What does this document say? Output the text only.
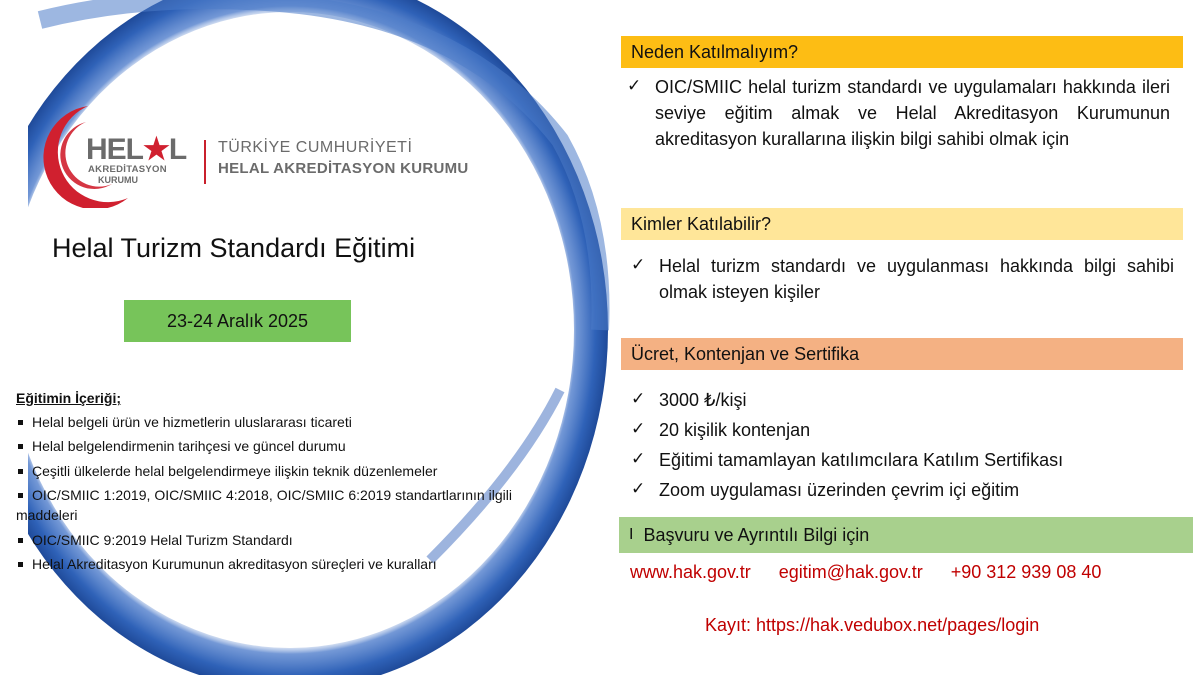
HEL★L
AKREDİTASYON
KURUMU
TÜRKİYE CUMHURİYETİ
HELAL AKREDİTASYON KURUMU
Helal Turizm Standardı Eğitimi
23-24 Aralık 2025
Eğitimin İçeriği;
Helal belgeli ürün ve hizmetlerin uluslararası ticareti
Helal belgelendirmenin tarihçesi ve güncel durumu
Çeşitli ülkelerde helal belgelendirmeye ilişkin teknik düzenlemeler
OIC/SMIIC 1:2019, OIC/SMIIC 4:2018, OIC/SMIIC 6:2019 standartlarının ilgili maddeleri
OIC/SMIIC 9:2019 Helal Turizm Standardı
Helal Akreditasyon Kurumunun akreditasyon süreçleri ve kuralları
Neden Katılmalıyım?
✓ OIC/SMIIC helal turizm standardı ve uygulamaları hakkında ileri seviye eğitim almak ve Helal Akreditasyon Kurumunun akreditasyon kurallarına ilişkin bilgi sahibi olmak için
Kimler Katılabilir?
✓ Helal turizm standardı ve uygulanması hakkında bilgi sahibi olmak isteyen kişiler
Ücret, Kontenjan ve Sertifika
✓ 3000 ₺/kişi
✓ 20 kişilik kontenjan
✓ Eğitimi tamamlayan katılımcılara Katılım Sertifikası
✓ Zoom uygulaması üzerinden çevrim içi eğitim
I Başvuru ve Ayrıntılı Bilgi için
www.hak.gov.tr egitim@hak.gov.tr +90 312 939 08 40
Kayıt: https://hak.vedubox.net/pages/login
